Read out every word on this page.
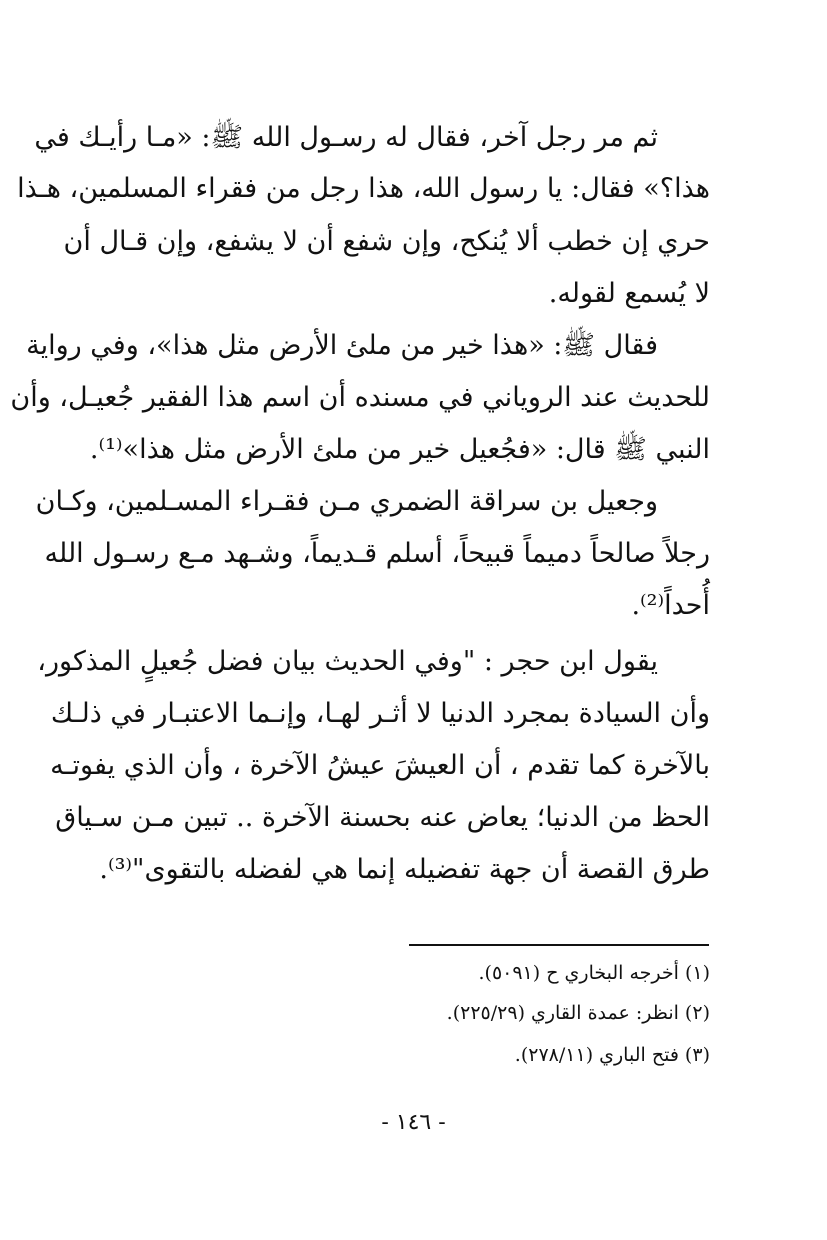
ثم مر رجل آخر، فقال له رسـول الله ﷺ: «مـا رأيـك في
هذا؟» فقال: يا رسول الله، هذا رجل من فقراء المسلمين، هـذا
حري إن خطب ألا يُنكح، وإن شفع أن لا يشفع، وإن قـال أن
لا يُسمع لقوله.
فقال ﷺ: «هذا خير من ملئ الأرض مثل هذا»، وفي رواية
للحديث عند الروياني في مسنده أن اسم هذا الفقير جُعيـل، وأن
النبي ﷺ قال: «فجُعيل خير من ملئ الأرض مثل هذا»⁽¹⁾.
وجعيل بن سراقة الضمري مـن فقـراء المسـلمين، وكـان
رجلاً صالحاً دميماً قبيحاً، أسلم قـديماً، وشـهد مـع رسـول الله
أُحداً⁽²⁾.
يقول ابن حجر : "وفي الحديث بيان فضل جُعيلٍ المذكور،
وأن السيادة بمجرد الدنيا لا أثـر لهـا، وإنـما الاعتبـار في ذلـك
بالآخرة كما تقدم ، أن العيشَ عيشُ الآخرة ، وأن الذي يفوتـه
الحظ من الدنيا؛ يعاض عنه بحسنة الآخرة .. تبين مـن سـياق
طرق القصة أن جهة تفضيله إنما هي لفضله بالتقوى"⁽³⁾.
(١) أخرجه البخاري ح (٥٠٩١).
(٢) انظر: عمدة القاري (٢٢٥/٢٩).
(٣) فتح الباري (٢٧٨/١١).
- ١٤٦ -
